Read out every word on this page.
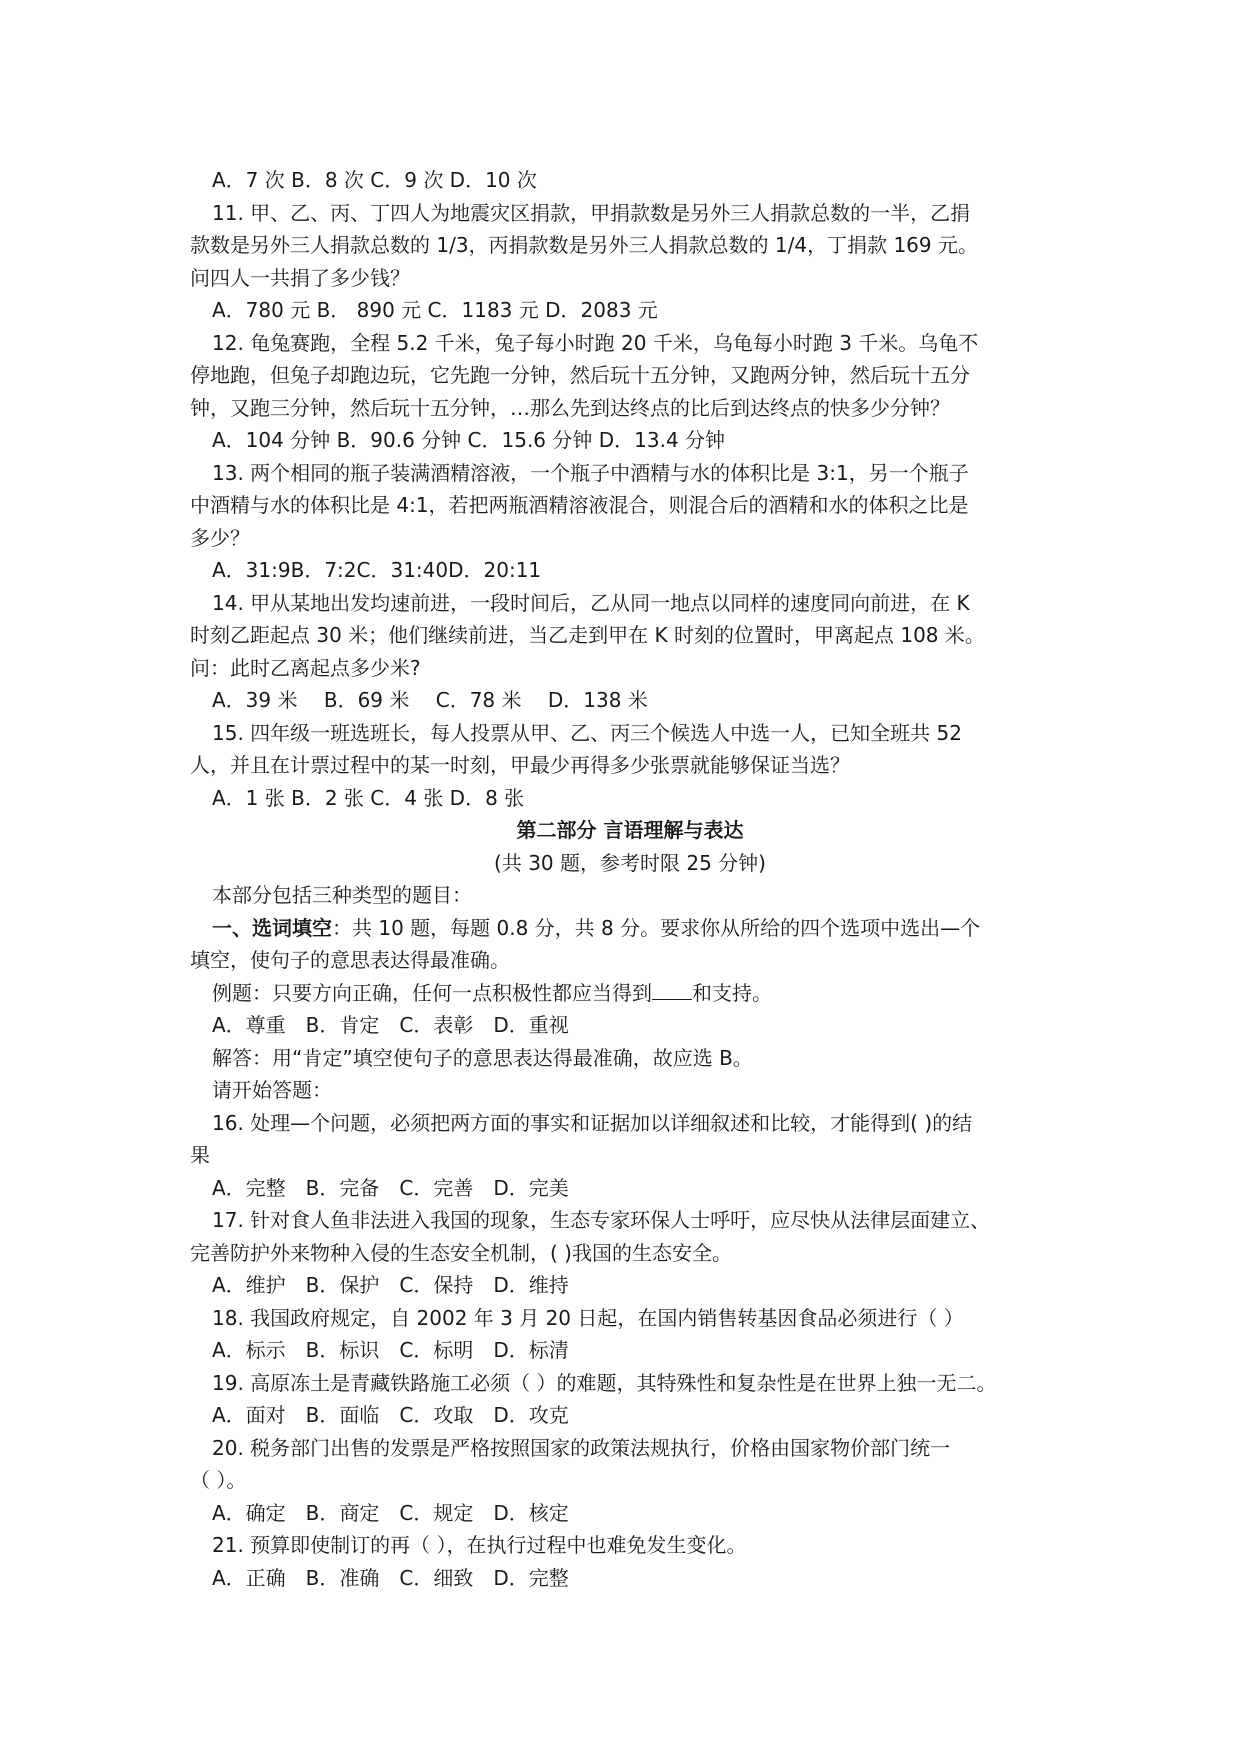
A．7 次 B．8 次 C．9 次 D．10 次

11. 甲、乙、丙、丁四人为地震灾区捐款，甲捐款数是另外三人捐款总数的一半，乙捐

款数是另外三人捐款总数的 1/3，丙捐款数是另外三人捐款总数的 1/4，丁捐款 169 元。

问四人一共捐了多少钱？

A．780 元 B． 890 元 C．1183 元 D．2083 元

12. 龟兔赛跑，全程 5.2 千米，兔子每小时跑 20 千米，乌龟每小时跑 3 千米。乌龟不

停地跑，但兔子却跑边玩，它先跑一分钟，然后玩十五分钟，又跑两分钟，然后玩十五分

钟，又跑三分钟，然后玩十五分钟，…那么先到达终点的比后到达终点的快多少分钟？

A．104 分钟 B．90.6 分钟 C．15.6 分钟 D．13.4 分钟

13. 两个相同的瓶子装满酒精溶液，一个瓶子中酒精与水的体积比是 3:1，另一个瓶子

中酒精与水的体积比是 4:1，若把两瓶酒精溶液混合，则混合后的酒精和水的体积之比是

多少？

A．31:9B．7:2C．31:40D．20:11

14. 甲从某地出发均速前进，一段时间后，乙从同一地点以同样的速度同向前进，在 K

时刻乙距起点 30 米；他们继续前进，当乙走到甲在 K 时刻的位置时，甲离起点 108 米。

问：此时乙离起点多少米?

A．39 米　 B．69 米　 C．78 米　 D．138 米

15. 四年级一班选班长，每人投票从甲、乙、丙三个候选人中选一人，已知全班共 52

人，并且在计票过程中的某一时刻，甲最少再得多少张票就能够保证当选？

A．1 张 B．2 张 C．4 张 D．8 张

第二部分 言语理解与表达

(共 30 题，参考时限 25 分钟)

本部分包括三种类型的题目：

一、选词填空：共 10 题，每题 0.8 分，共 8 分。要求你从所给的四个选项中选出—个

填空，使句子的意思表达得最准确。

例题：只要方向正确，任何一点积极性都应当得到 和支持。

A．尊重　B．肯定　C．表彰　D．重视

解答：用“肯定”填空使句子的意思表达得最准确，故应选 B。

请开始答题：

16. 处理—个问题，必须把两方面的事实和证据加以详细叙述和比较，才能得到( )的结

果

A．完整　B．完备　C．完善　D．完美

17. 针对食人鱼非法进入我国的现象，生态专家环保人士呼吁，应尽快从法律层面建立、

完善防护外来物种入侵的生态安全机制，( )我国的生态安全。

A．维护　B．保护　C．保持　D．维持

18. 我国政府规定，自 2002 年 3 月 20 日起，在国内销售转基因食品必须进行（ ）

A．标示　B．标识　C．标明　D．标清

19. 高原冻土是青藏铁路施工必须（ ）的难题，其特殊性和复杂性是在世界上独一无二。

A．面对　B．面临　C．攻取　D．攻克

20. 税务部门出售的发票是严格按照国家的政策法规执行，价格由国家物价部门统一

（ ）。

A．确定　B．商定　C．规定　D．核定

21. 预算即使制订的再（ ），在执行过程中也难免发生变化。

A．正确　B．准确　C．细致　D．完整
